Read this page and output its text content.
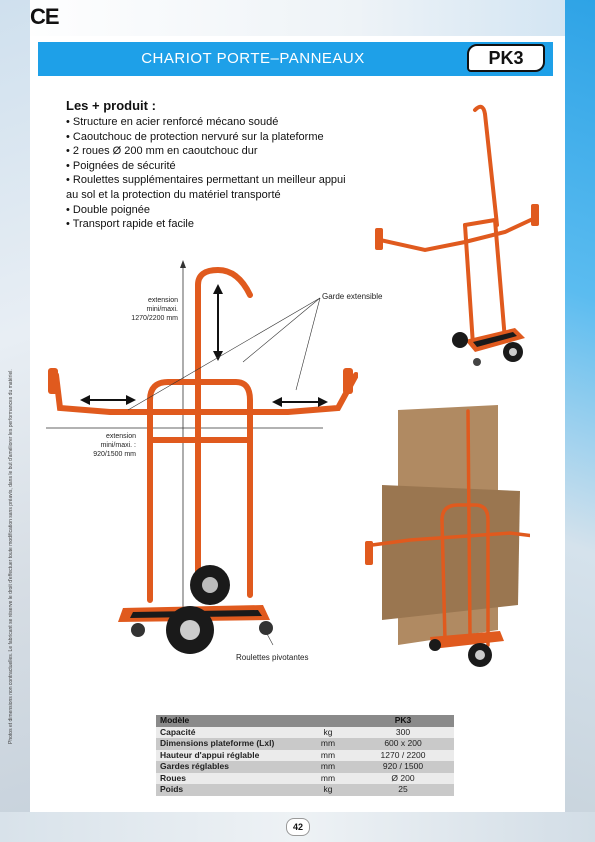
CE
CHARIOT PORTE–PANNEAUX	PK3
Les + produit :
• Structure en acier renforcé mécano soudé
• Caoutchouc de protection nervuré sur la plateforme
• 2 roues Ø 200 mm en caoutchouc dur
• Poignées de sécurité
• Roulettes supplémentaires permettant un meilleur appui
au sol et la protection du matériel transporté
• Double poignée
• Transport rapide et facile
Photos et dimensions non contractuelles. Le fabricant se réserve le droit d'effectuer toute modification sans préavis, dans le but d'améliorer les performances du matériel.
extension
mini/maxi.
1270/2200 mm
extension
mini/maxi. :
920/1500 mm
Garde extensible
Roulettes pivotantes
Modèle		PK3
Capacité	kg	300
Dimensions plateforme (Lxl)	mm	600 x 200
Hauteur d'appui réglable	mm	1270 / 2200
Gardes réglables	mm	920 / 1500
Roues	mm	Ø 200
Poids	kg	25
42
